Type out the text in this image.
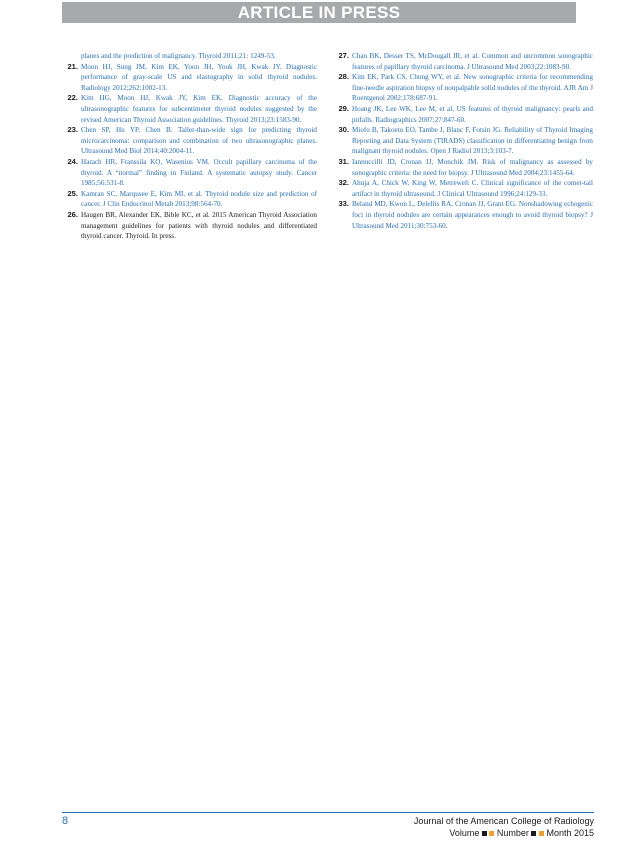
ARTICLE IN PRESS
planes and the prediction of malignancy. Thyroid 2011;21: 1249-53.
21. Moon HJ, Sung JM, Kim EK, Yoon JH, Youk JH, Kwak JY. Diagnostic performance of gray-scale US and elastography in solid thyroid nodules. Radiology 2012;262:1002-13.
22. Kim HG, Moon HJ, Kwak JY, Kim EK. Diagnostic accuracy of the ultrasonographic features for subcentimeter thyroid nodules suggested by the revised American Thyroid Association guidelines. Thyroid 2013;23:1583-90.
23. Chen SP, Hu YP, Chen B. Taller-than-wide sign for predicting thyroid microcarcinoma: comparison and combination of two ultrasonographic planes. Ultrasound Med Biol 2014;40:2004-11.
24. Harach HR, Franssila KO, Wasenius VM. Occult papillary carcinoma of the thyroid. A “normal” finding in Finland. A systematic autopsy study. Cancer 1985;56:531-8.
25. Kamran SC, Marqusee E, Kim MI, et al. Thyroid nodule size and prediction of cancer. J Clin Endocrinol Metab 2013;98:564-70.
26. Haugen BR, Alexander EK, Bible KC, et al. 2015 American Thyroid Association management guidelines for patients with thyroid nodules and differentiated thyroid cancer. Thyroid. In press.
27. Chan BK, Desser TS, McDougall IR, et al. Common and uncommon sonographic features of papillary thyroid carcinoma. J Ultrasound Med 2003;22:1083-90.
28. Kim EK, Park CS, Chung WY, et al. New sonographic criteria for recommending fine-needle aspiration biopsy of nonpalpable solid nodules of the thyroid. AJR Am J Roentgenol 2002;178:687-91.
29. Hoang JK, Lee WK, Lee M, et al. US features of thyroid malignancy: pearls and pitfalls. Radiographics 2007;27:847-60.
30. Miofo B, Takoeto EO, Tambe J, Blanc F, Fotsin JG. Reliability of Thyroid Imaging Reporting and Data System (TIRADS) classification in differentiating benign from malignant thyroid nodules. Open J Radiol 2013;3:103-7.
31. Iannuccilli JD, Cronan JJ, Monchik JM. Risk of malignancy as assessed by sonographic criteria: the need for biopsy. J Ultrasound Med 2004;23:1455-64.
32. Ahuja A, Chick W, King W, Metreweli C. Clinical significance of the comet-tail artifact in thyroid ultrasound. J Clinical Ultrasound 1996;24:129-33.
33. Beland MD, Kwon L, Delellis RA, Cronan JJ, Grant EG. Nonshadowing echogenic foci in thyroid nodules are certain appearances enough to avoid thyroid biopsy? J Ultrasound Med 2011;30:753-60.
8	Journal of the American College of Radiology
Volume Number Month 2015
